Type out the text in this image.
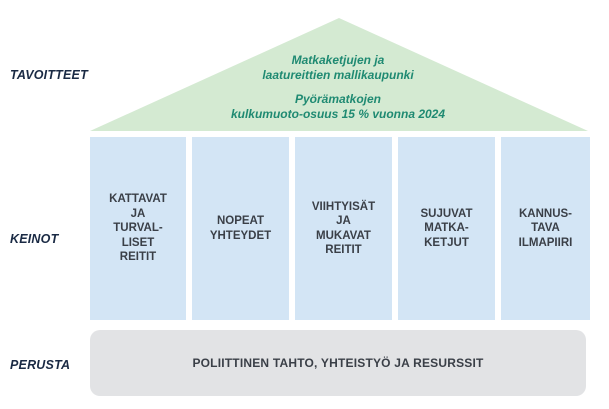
TAVOITTEET
KEINOT
PERUSTA
Matkaketjujen ja
laatureittien mallikaupunki
Pyörämatkojen
kulkumuoto-osuus 15 % vuonna 2024
KATTAVAT
JA
TURVAL-
LISET
REITIT
NOPEAT
YHTEYDET
VIIHTYISÄT
JA
MUKAVAT
REITIT
SUJUVAT
MATKA-
KETJUT
KANNUS-
TAVA
ILMAPIIRI
POLIITTINEN TAHTO, YHTEISTYÖ JA RESURSSIT
